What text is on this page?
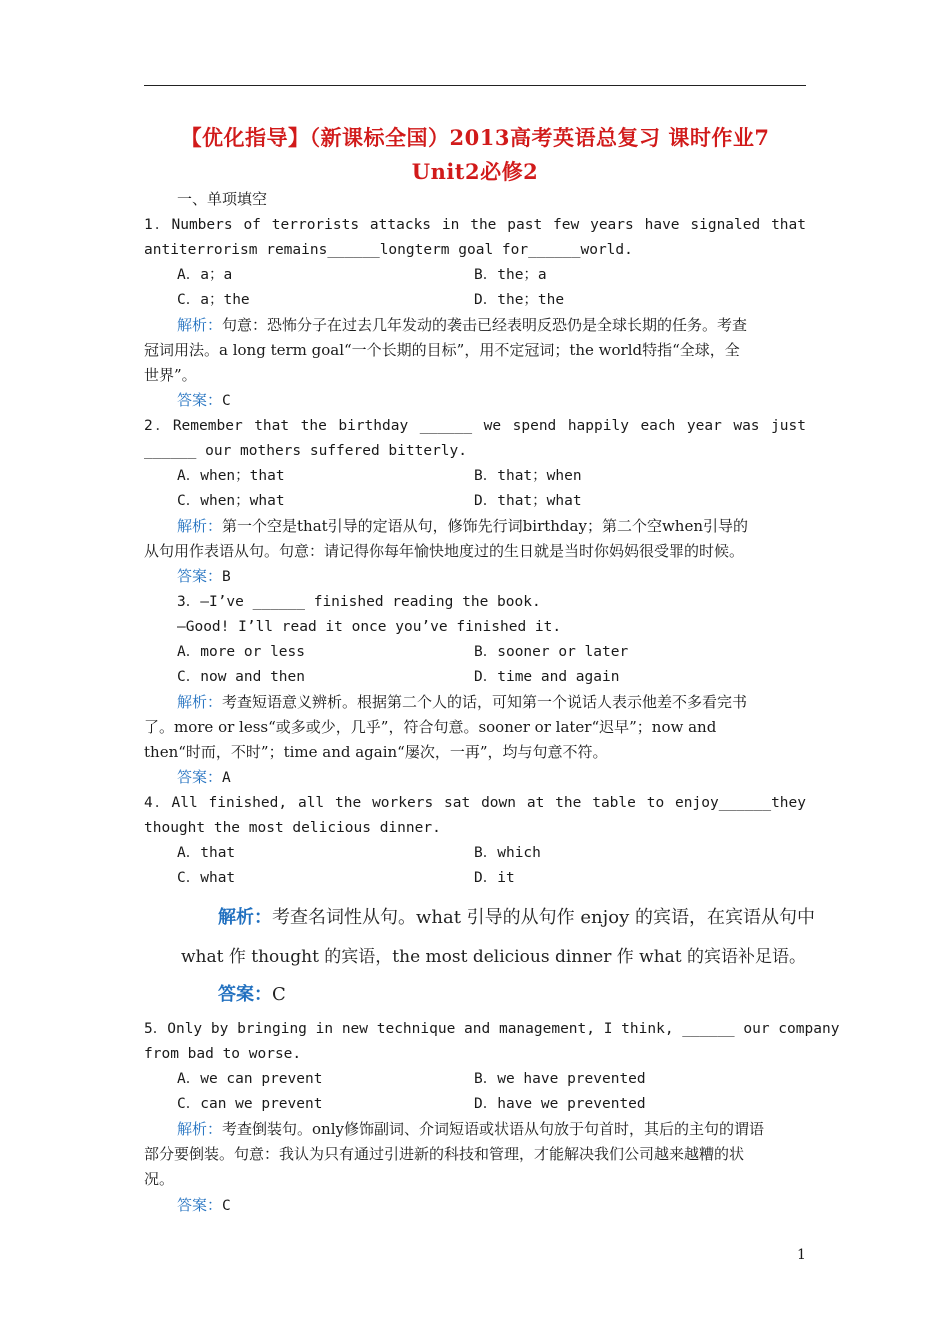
【优化指导】（新课标全国）2013高考英语总复习 课时作业7
Unit2必修2
一、单项填空
1．Numbers of terrorists attacks in the past few years have signaled that
antiterrorism remains______longterm goal for______world.
A．a；a	B．the；a
C．a；the	D．the；the
解析：句意：恐怖分子在过去几年发动的袭击已经表明反恐仍是全球长期的任务。考查
冠词用法。a long term goal“一个长期的目标”，用不定冠词；the world特指“全球，全
世界”。
答案：C
2．Remember that the birthday ______ we spend happily each year was just
______ our mothers suffered bitterly.
A．when；that	B．that；when
C．when；what	D．that；what
解析：第一个空是that引导的定语从句，修饰先行词birthday；第二个空when引导的
从句用作表语从句。句意：请记得你每年愉快地度过的生日就是当时你妈妈很受罪的时候。
答案：B
3．—I’ve ______ finished reading the book.
—Good! I’ll read it once you’ve finished it.
A．more or less	B．sooner or later
C．now and then	D．time and again
解析：考查短语意义辨析。根据第二个人的话，可知第一个说话人表示他差不多看完书
了。more or less“或多或少，几乎”，符合句意。sooner or later“迟早”；now and
then“时而，不时”；time and again“屡次，一再”，均与句意不符。
答案：A
4．All finished, all the workers sat down at the table to enjoy______they
thought the most delicious dinner.
A．that	B．which
C．what	D．it
解析：考查名词性从句。what 引导的从句作 enjoy 的宾语，在宾语从句中
what 作 thought 的宾语，the most delicious dinner 作 what 的宾语补足语。
答案：C
5．Only by bringing in new technique and management, I think, ______ our company
from bad to worse.
A．we can prevent	B．we have prevented
C．can we prevent	D．have we prevented
解析：考查倒装句。only修饰副词、介词短语或状语从句放于句首时，其后的主句的谓语
部分要倒装。句意：我认为只有通过引进新的科技和管理，才能解决我们公司越来越糟的状
况。
答案：C
1
